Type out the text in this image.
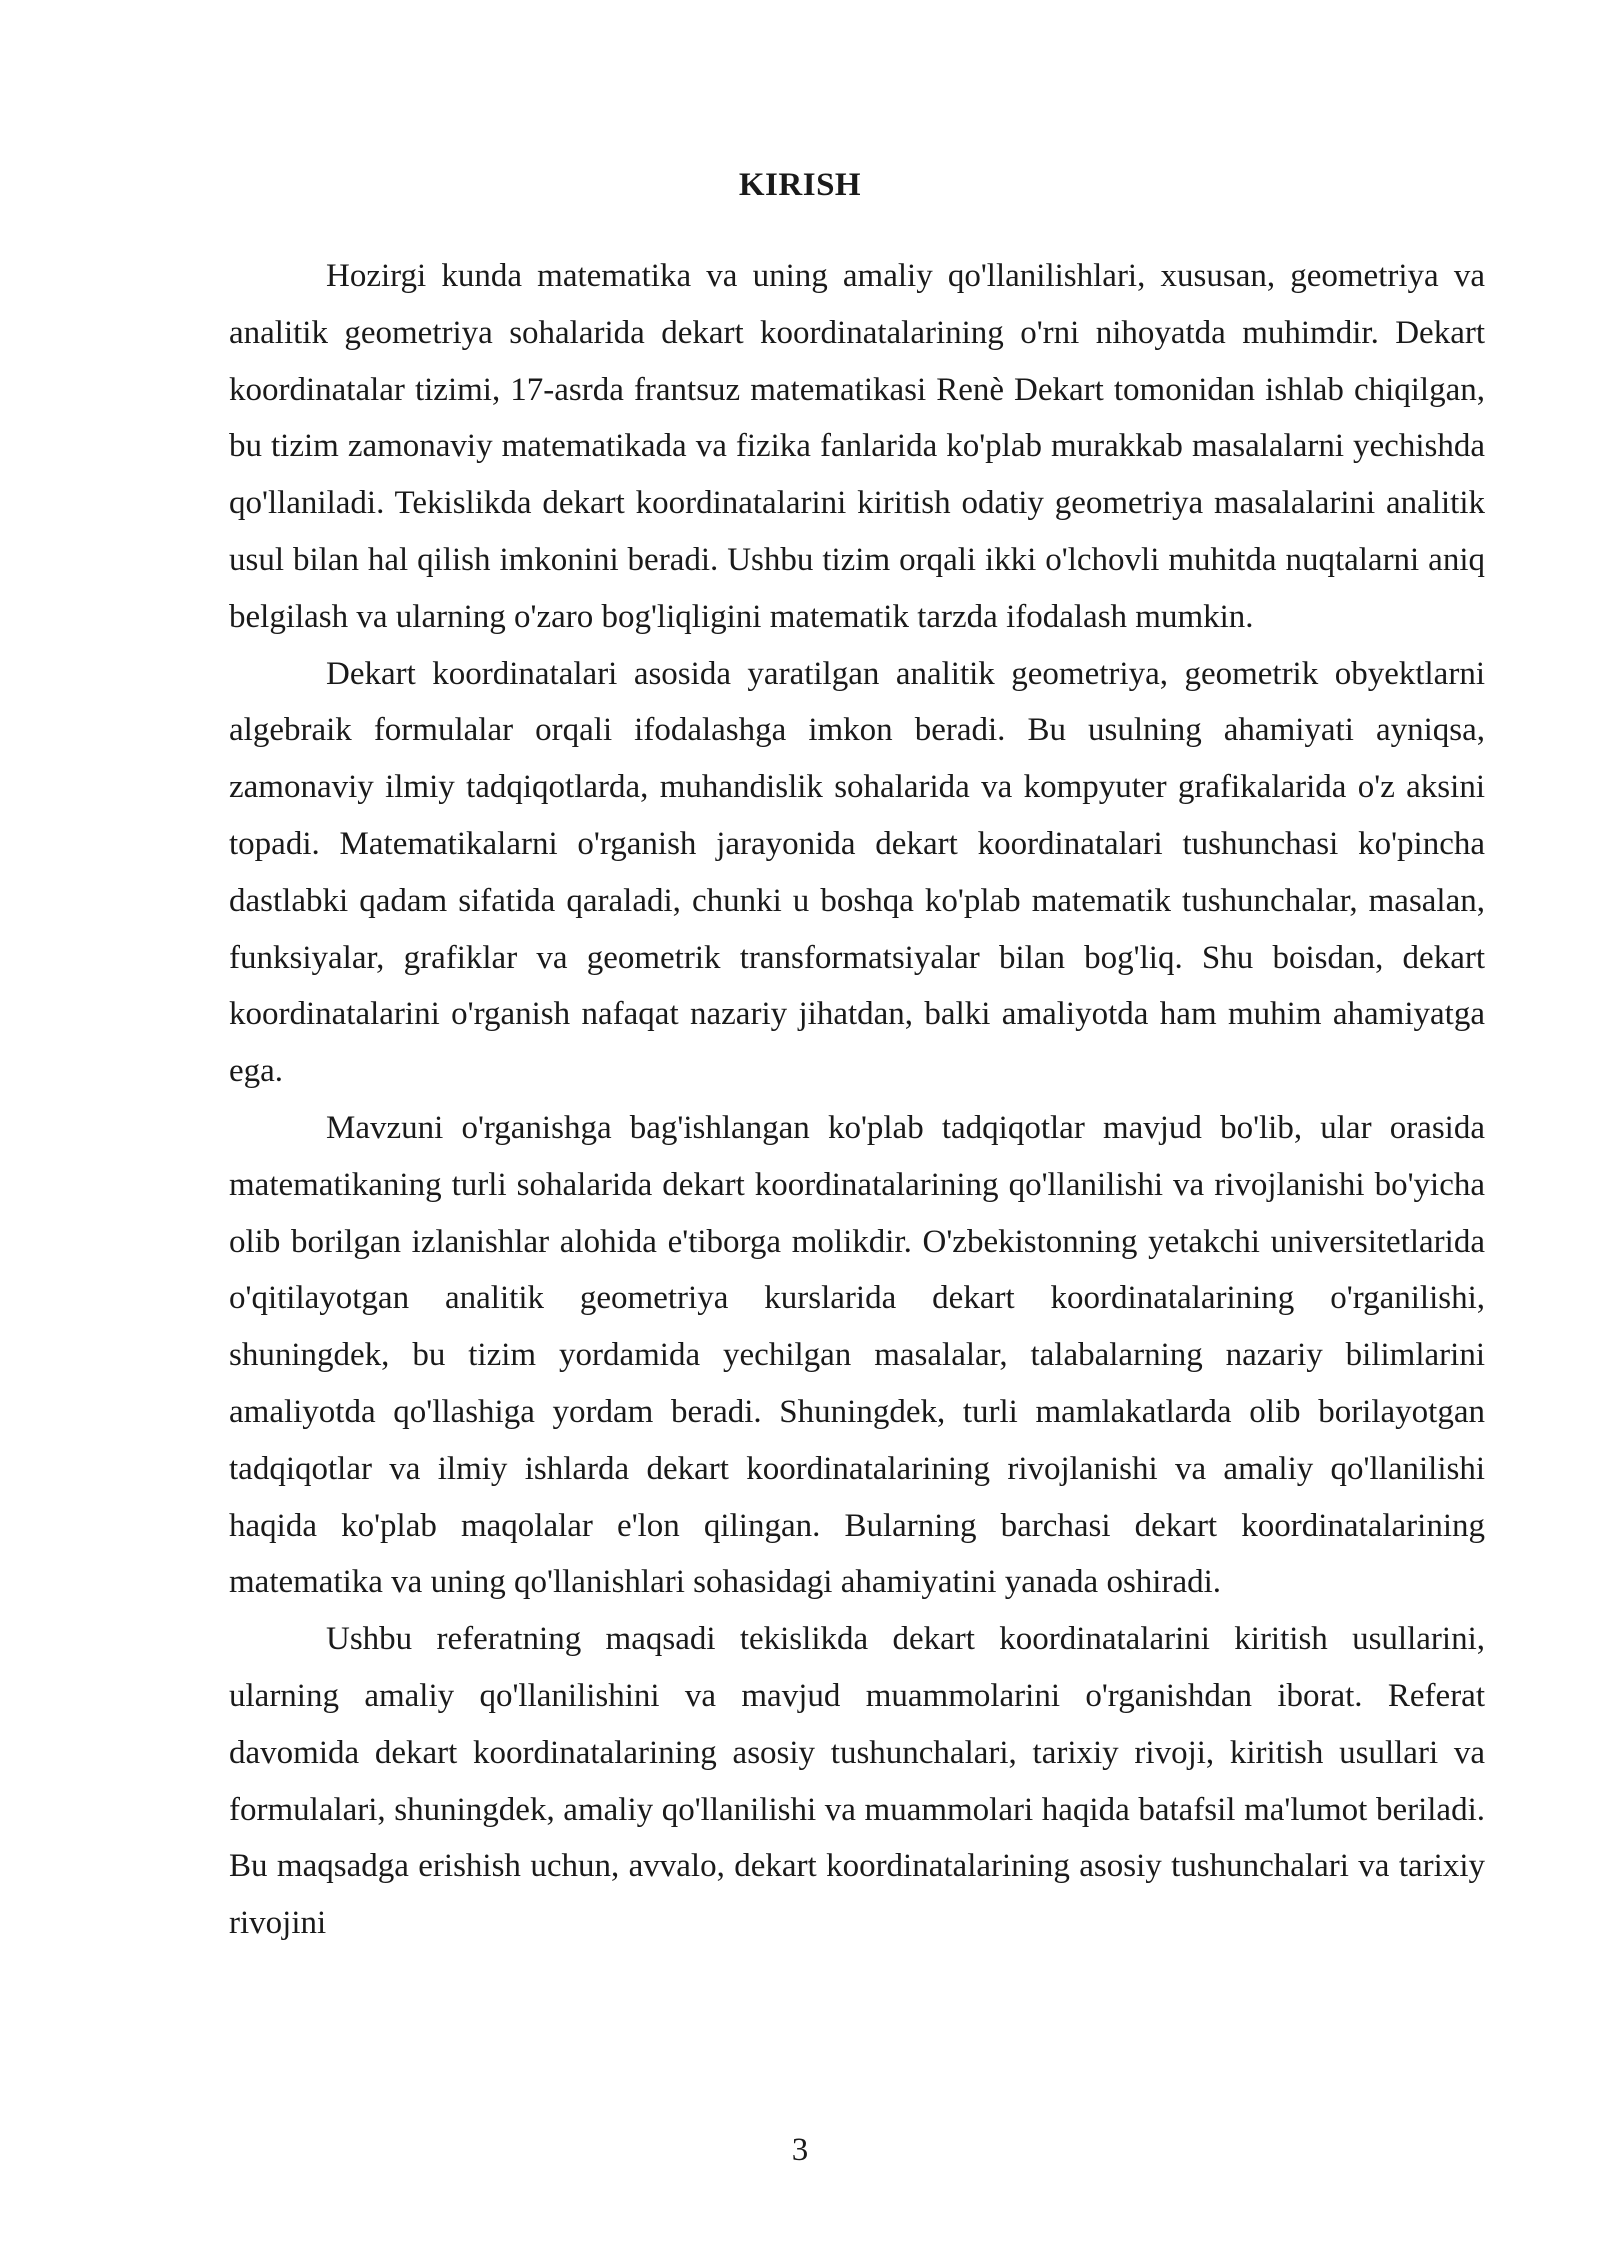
KIRISH

Hozirgi kunda matematika va uning amaliy qo'llanilishlari, xususan, geometriya va analitik geometriya sohalarida dekart koordinatalarining o'rni nihoyatda muhimdir. Dekart koordinatalar tizimi, 17-asrda frantsuz matematikasi Renè Dekart tomonidan ishlab chiqilgan, bu tizim zamonaviy matematikada va fizika fanlarida ko'plab murakkab masalalarni yechishda qo'llaniladi. Tekislikda dekart koordinatalarini kiritish odatiy geometriya masalalarini analitik usul bilan hal qilish imkonini beradi. Ushbu tizim orqali ikki o'lchovli muhitda nuqtalarni aniq belgilash va ularning o'zaro bog'liqligini matematik tarzda ifodalash mumkin.

Dekart koordinatalari asosida yaratilgan analitik geometriya, geometrik obyektlarni algebraik formulalar orqali ifodalashga imkon beradi. Bu usulning ahamiyati ayniqsa, zamonaviy ilmiy tadqiqotlarda, muhandislik sohalarida va kompyuter grafikalarida o'z aksini topadi. Matematikalarni o'rganish jarayonida dekart koordinatalari tushunchasi ko'pincha dastlabki qadam sifatida qaraladi, chunki u boshqa ko'plab matematik tushunchalar, masalan, funksiyalar, grafiklar va geometrik transformatsiyalar bilan bog'liq. Shu boisdan, dekart koordinatalarini o'rganish nafaqat nazariy jihatdan, balki amaliyotda ham muhim ahamiyatga ega.

Mavzuni o'rganishga bag'ishlangan ko'plab tadqiqotlar mavjud bo'lib, ular orasida matematikaning turli sohalarida dekart koordinatalarining qo'llanilishi va rivojlanishi bo'yicha olib borilgan izlanishlar alohida e'tiborga molikdir. O'zbekistonning yetakchi universitetlarida o'qitilayotgan analitik geometriya kurslarida dekart koordinatalarining o'rganilishi, shuningdek, bu tizim yordamida yechilgan masalalar, talabalarning nazariy bilimlarini amaliyotda qo'llashiga yordam beradi. Shuningdek, turli mamlakatlarda olib borilayotgan tadqiqotlar va ilmiy ishlarda dekart koordinatalarining rivojlanishi va amaliy qo'llanilishi haqida ko'plab maqolalar e'lon qilingan. Bularning barchasi dekart koordinatalarining matematika va uning qo'llanishlari sohasidagi ahamiyatini yanada oshiradi.

Ushbu referatning maqsadi tekislikda dekart koordinatalarini kiritish usullarini, ularning amaliy qo'llanilishini va mavjud muammolarini o'rganishdan iborat. Referat davomida dekart koordinatalarining asosiy tushunchalari, tarixiy rivoji, kiritish usullari va formulalari, shuningdek, amaliy qo'llanilishi va muammolari haqida batafsil ma'lumot beriladi. Bu maqsadga erishish uchun, avvalo, dekart koordinatalarining asosiy tushunchalari va tarixiy rivojini

3
